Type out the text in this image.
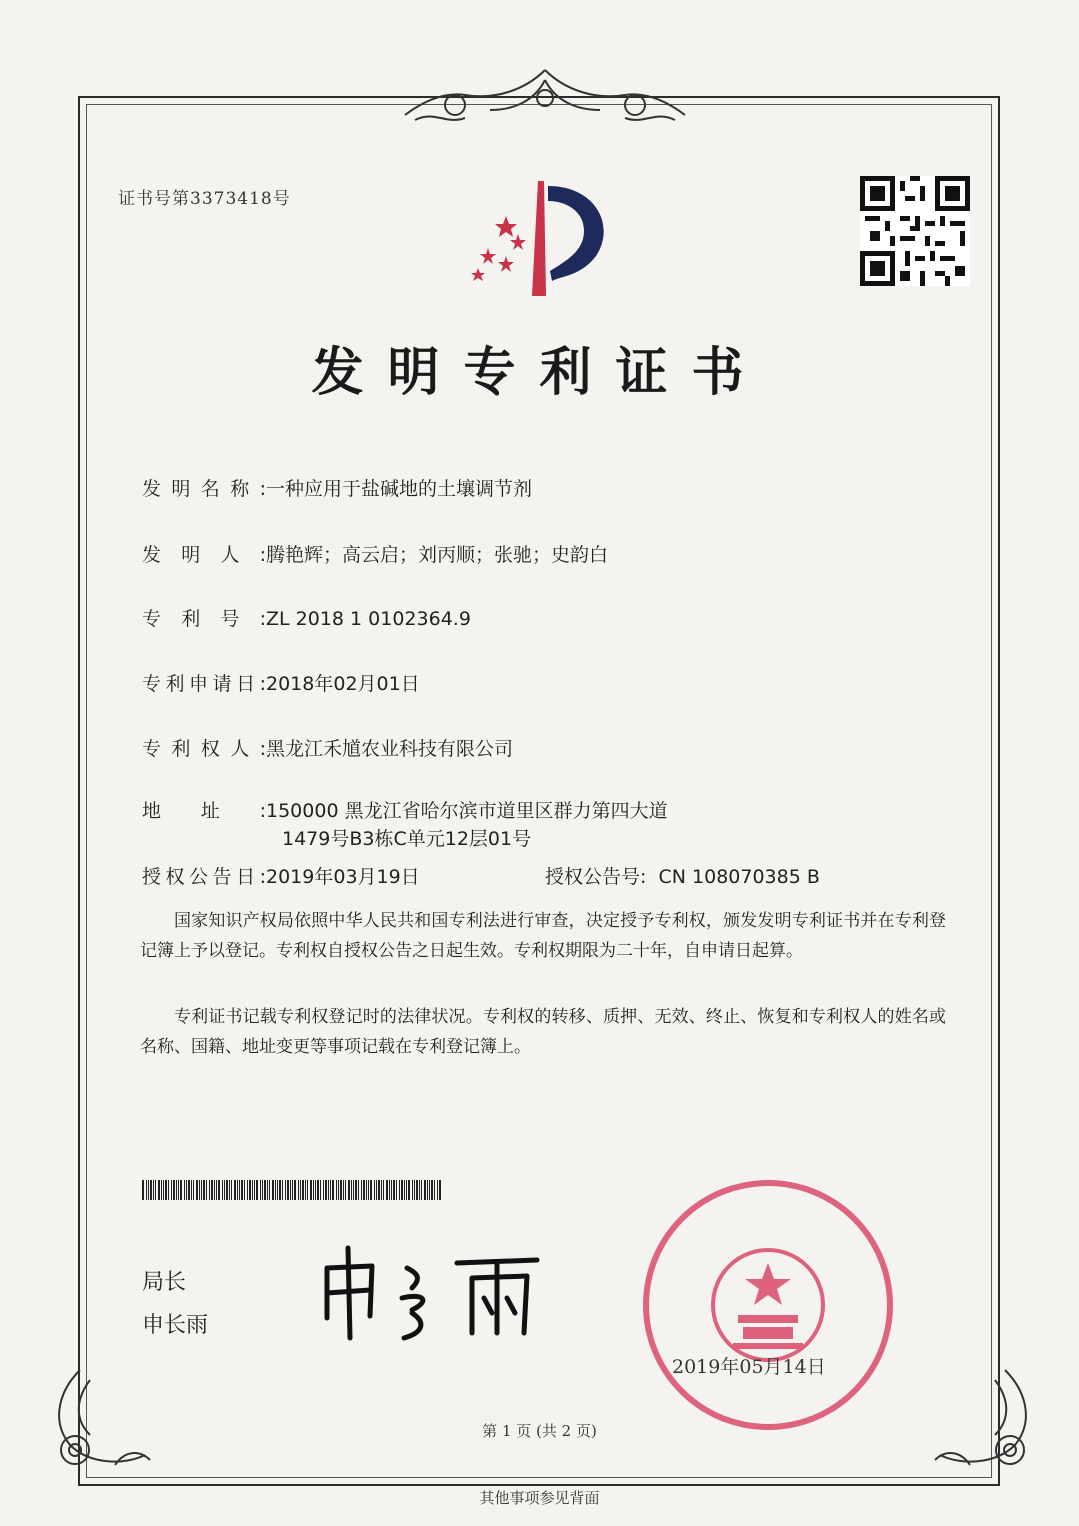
证书号第3373418号
发明专利证书
发明名称:一种应用于盐碱地的土壤调节剂
发明人:腾艳辉；高云启；刘丙顺；张驰；史韵白
专利号:ZL 2018 1 0102364.9
专利申请日:2018年02月01日
专利权人:黑龙江禾馗农业科技有限公司
地址:150000 黑龙江省哈尔滨市道里区群力第四大道
1479号B3栋C单元12层01号
授权公告日:2019年03月19日	授权公告号: CN 108070385 B
国家知识产权局依照中华人民共和国专利法进行审查，决定授予专利权，颁发发明专利证书并在专利登记簿上予以登记。专利权自授权公告之日起生效。专利权期限为二十年，自申请日起算。
专利证书记载专利权登记时的法律状况。专利权的转移、质押、无效、终止、恢复和专利权人的姓名或名称、国籍、地址变更等事项记载在专利登记簿上。
局长
申长雨
2019年05月14日
第 1 页 (共 2 页)
其他事项参见背面
